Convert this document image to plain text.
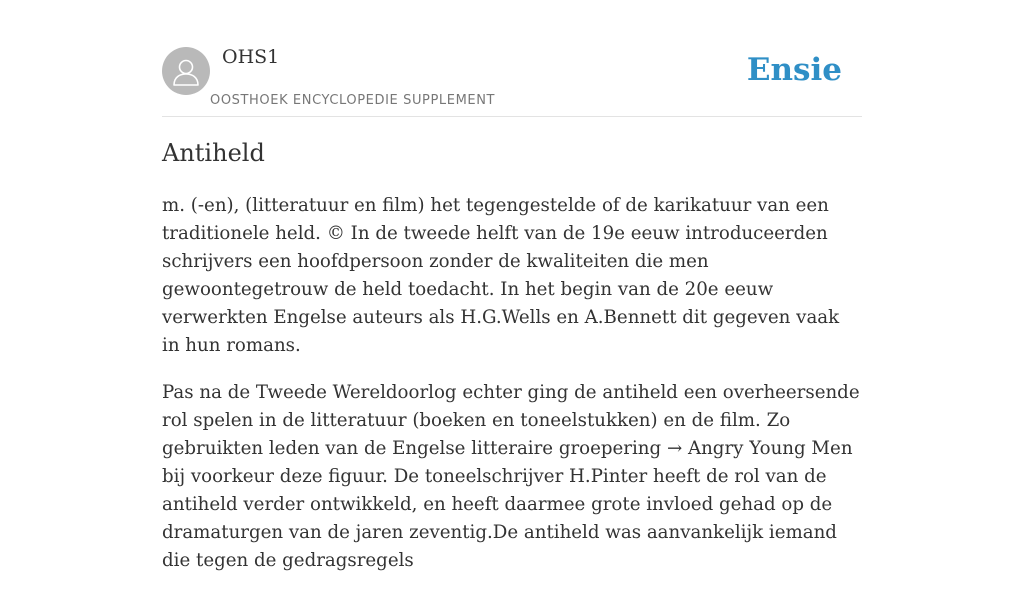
OHS1
OOSTHOEK ENCYCLOPEDIE SUPPLEMENT
Ensie
Antiheld

m. (-en), (litteratuur en film) het tegengestelde of de karikatuur van een traditionele held. © In de tweede helft van de 19e eeuw introduceerden schrijvers een hoofdpersoon zonder de kwaliteiten die men gewoontegetrouw de held toedacht. In het begin van de 20e eeuw verwerkten Engelse auteurs als H.G.Wells en A.Bennett dit gegeven vaak in hun romans.

Pas na de Tweede Wereldoorlog echter ging de antiheld een overheersende rol spelen in de litteratuur (boeken en toneelstukken) en de film. Zo gebruikten leden van de Engelse litteraire groepering → Angry Young Men bij voorkeur deze figuur. De toneelschrijver H.Pinter heeft de rol van de antiheld verder ontwikkeld, en heeft daarmee grote invloed gehad op de dramaturgen van de jaren zeventig.De antiheld was aanvankelijk iemand die tegen de gedragsregels
